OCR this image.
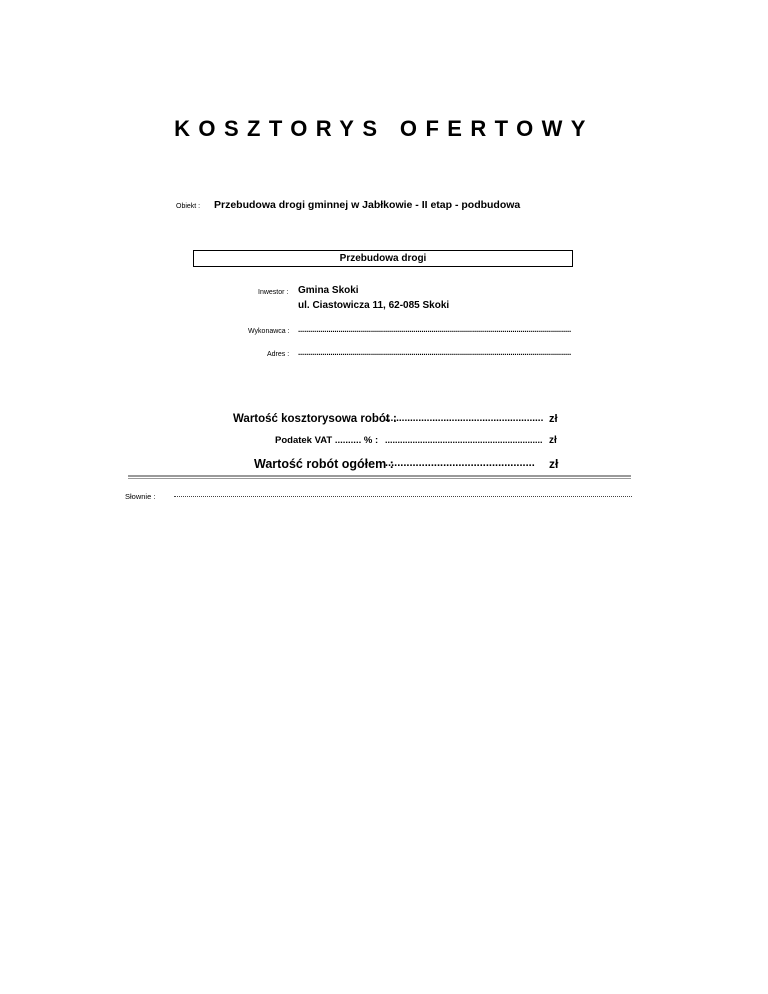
KOSZTORYS OFERTOWY
Obiekt : Przebudowa drogi gminnej w Jabłkowie - II etap - podbudowa
Przebudowa drogi
Inwestor : Gmina Skoki
ul. Ciastowicza 11, 62-085 Skoki
Wykonawca : .......................................................................................................................................
Adres : .......................................................................................................................................
Wartość kosztorysowa robót :
......................................................... zł
Podatek VAT .......... % : ............................................................... zł
Wartość robót ogółem :
................................................. zł
Słownie :
